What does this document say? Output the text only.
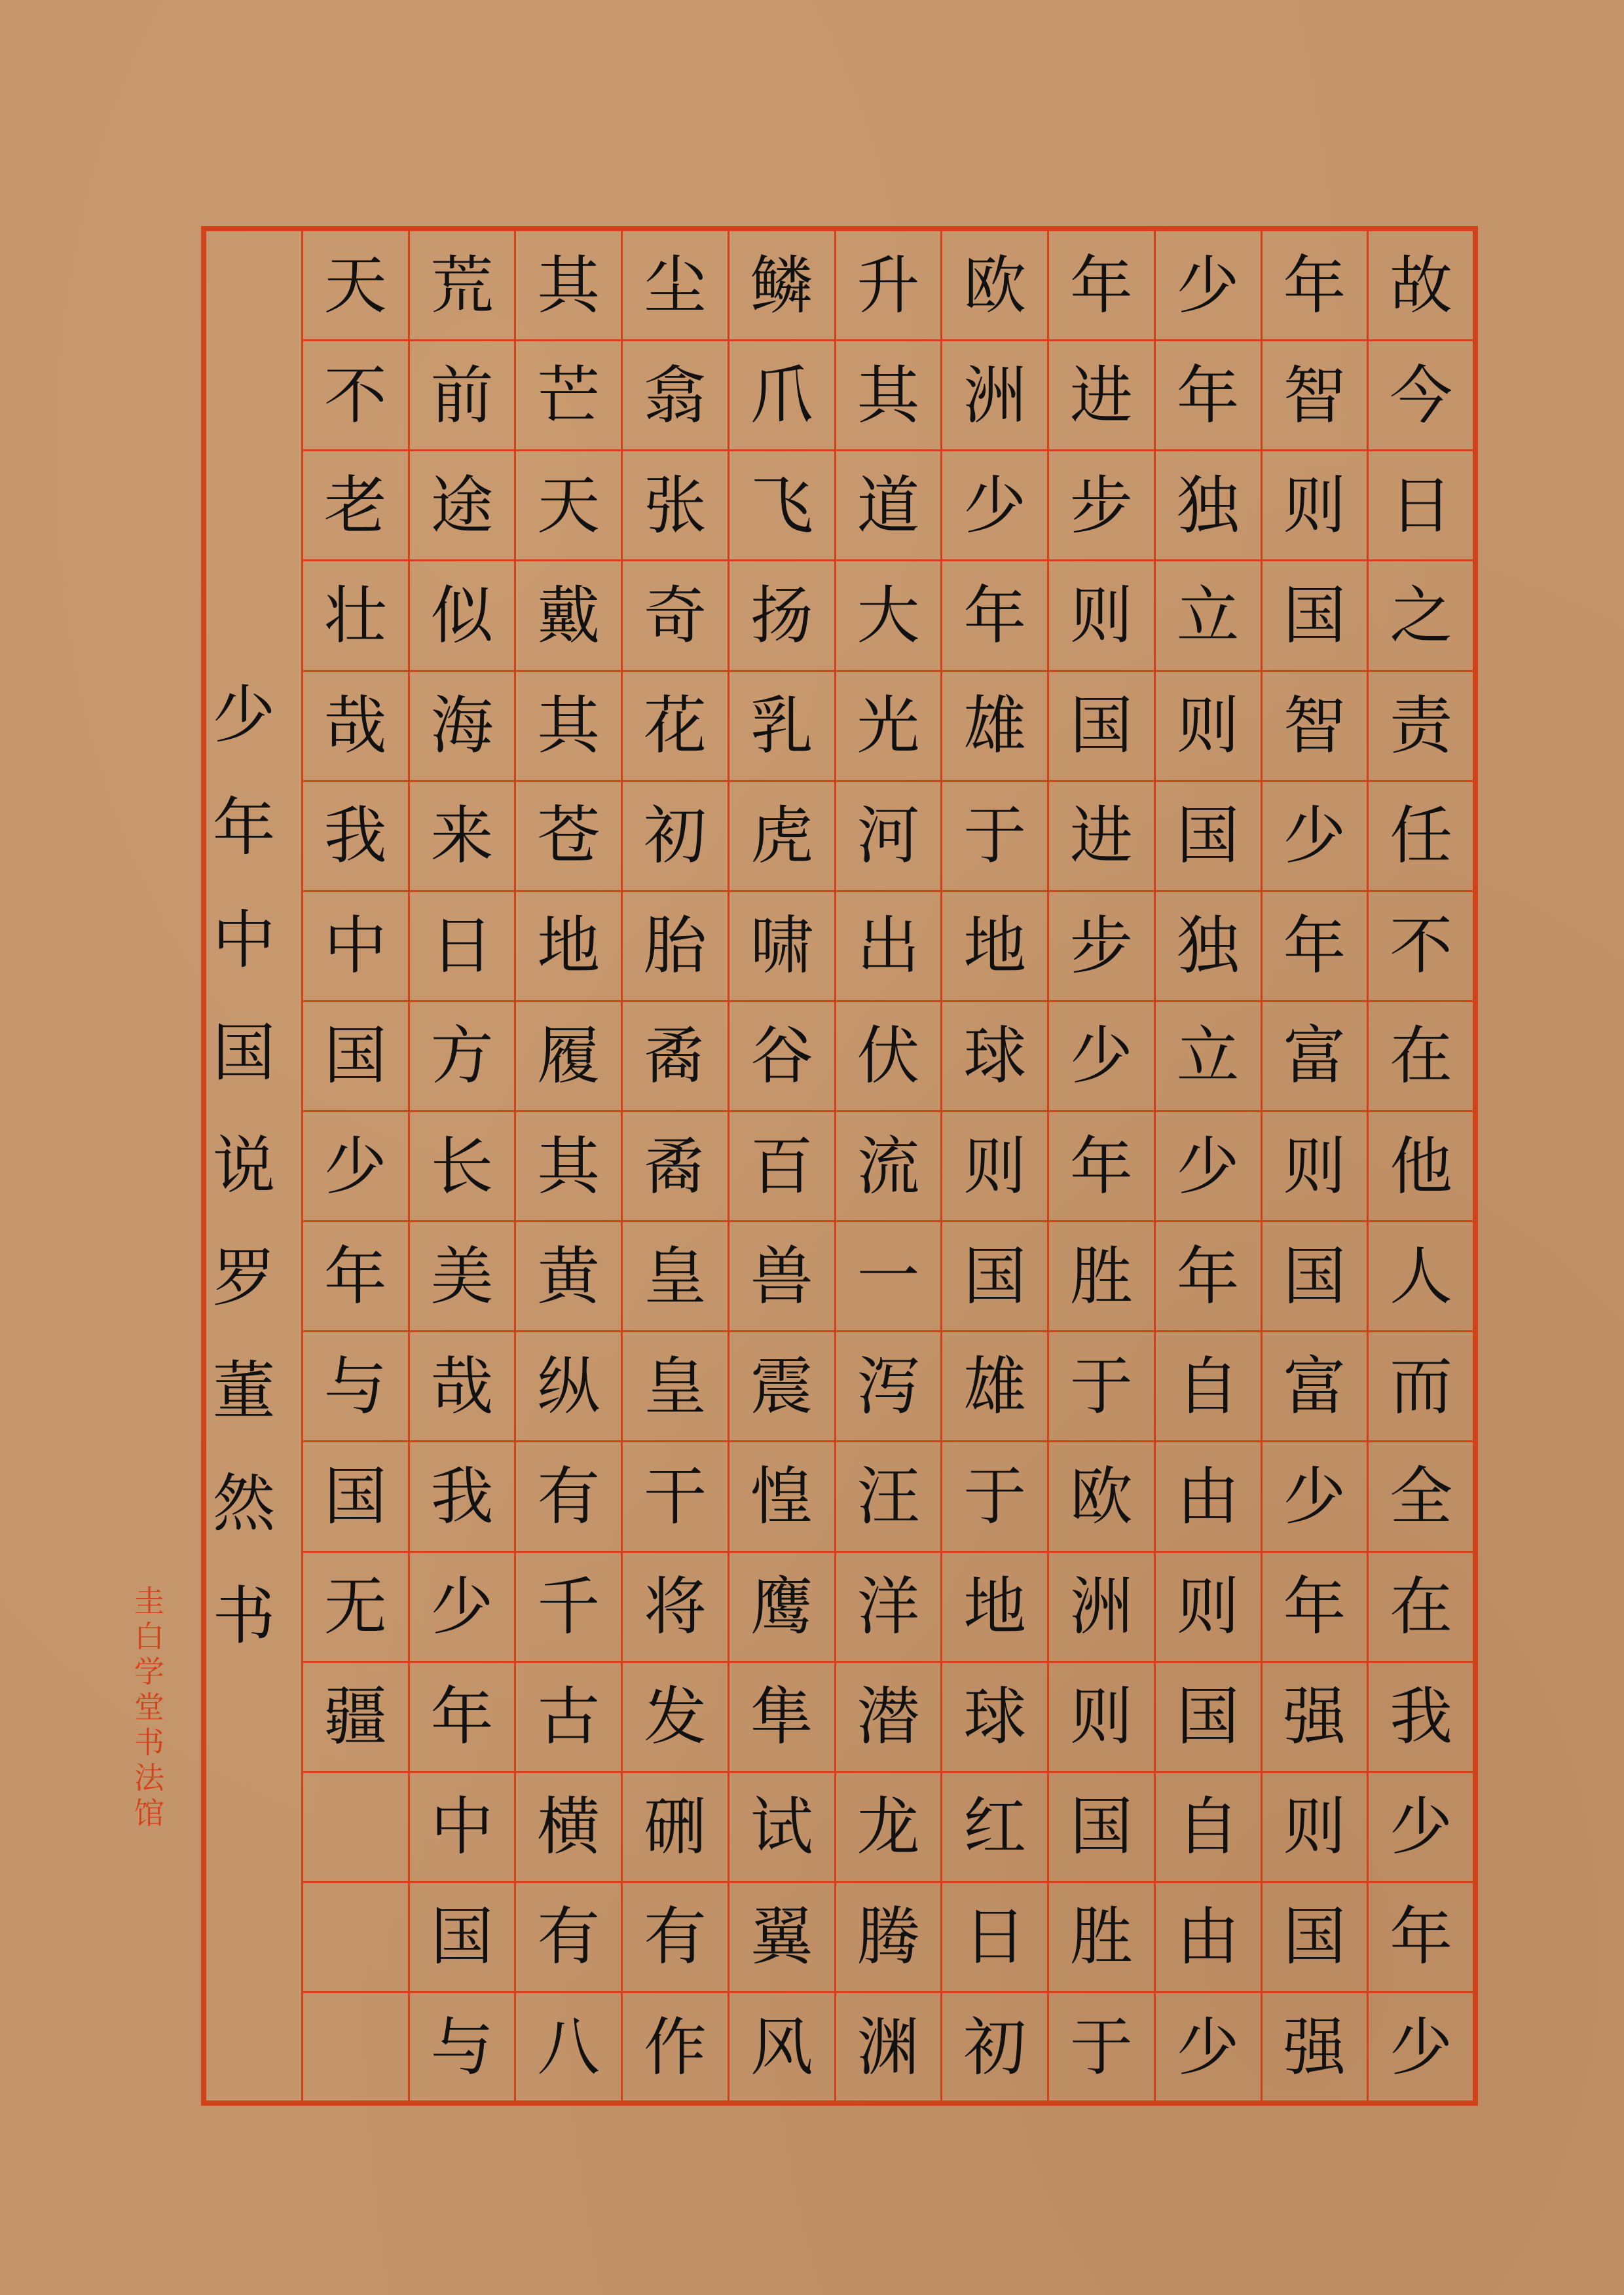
故
今
日
之
责
任
不
在
他
人
而
全
在
我
少
年
少
年
智
则
国
智
少
年
富
则
国
富
少
年
强
则
国
强
少
年
独
立
则
国
独
立
少
年
自
由
则
国
自
由
少
年
进
步
则
国
进
步
少
年
胜
于
欧
洲
则
国
胜
于
欧
洲
少
年
雄
于
地
球
则
国
雄
于
地
球
红
日
初
升
其
道
大
光
河
出
伏
流
一
泻
汪
洋
潜
龙
腾
渊
鳞
爪
飞
扬
乳
虎
啸
谷
百
兽
震
惶
鹰
隼
试
翼
风
尘
翕
张
奇
花
初
胎
矞
矞
皇
皇
干
将
发
硎
有
作
其
芒
天
戴
其
苍
地
履
其
黄
纵
有
千
古
横
有
八
荒
前
途
似
海
来
日
方
长
美
哉
我
少
年
中
国
与
天
不
老
壮
哉
我
中
国
少
年
与
国
无
疆
少年中国说罗董然书
圭白学堂书法馆
